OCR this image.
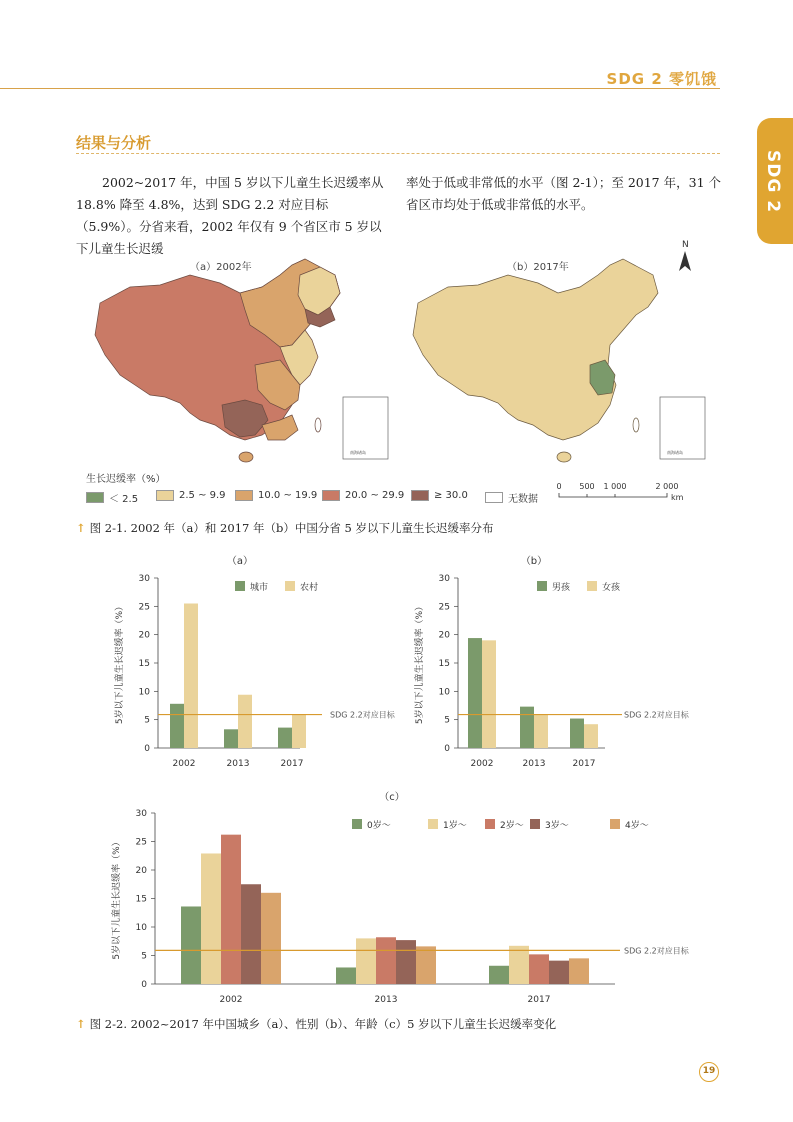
SDG 2 零饥饿
SDG 2
结果与分析
2002~2017 年，中国 5 岁以下儿童生长迟缓率从 18.8% 降至 4.8%，达到 SDG 2.2 对应目标（5.9%）。分省来看，2002 年仅有 9 个省区市 5 岁以下儿童生长迟缓
率处于低或非常低的水平（图 2-1）；至 2017 年，31 个省区市均处于低或非常低的水平。
（a）2002年	（b）2017年
南海诸岛	南海诸岛
N
生长迟缓率（%）
＜ 2.5	2.5 ~ 9.9	10.0 ~ 19.9	20.0 ~ 29.9	≥ 30.0	无数据
0 500 1 000	2 000
km
↑ 图 2-1. 2002 年（a）和 2017 年（b）中国分省 5 岁以下儿童生长迟缓率分布
（a）
0
5
10
15
20
25
30
5岁以下儿童生长迟缓率（%）
2002	2013	2017
SDG 2.2对应目标
城市	农村
（b）
0
5
10
15
20
25
30
5岁以下儿童生长迟缓率（%）
2002	2013	2017
SDG 2.2对应目标
男孩	女孩
（c）
0
5
10
15
20
25
30
5岁以下儿童生长迟缓率（%）
2002	2013	2017
SDG 2.2对应目标
0岁～	1岁～	2岁～ 3岁～	4岁～
↑ 图 2-2. 2002~2017 年中国城乡（a）、性别（b）、年龄（c）5 岁以下儿童生长迟缓率变化
19
